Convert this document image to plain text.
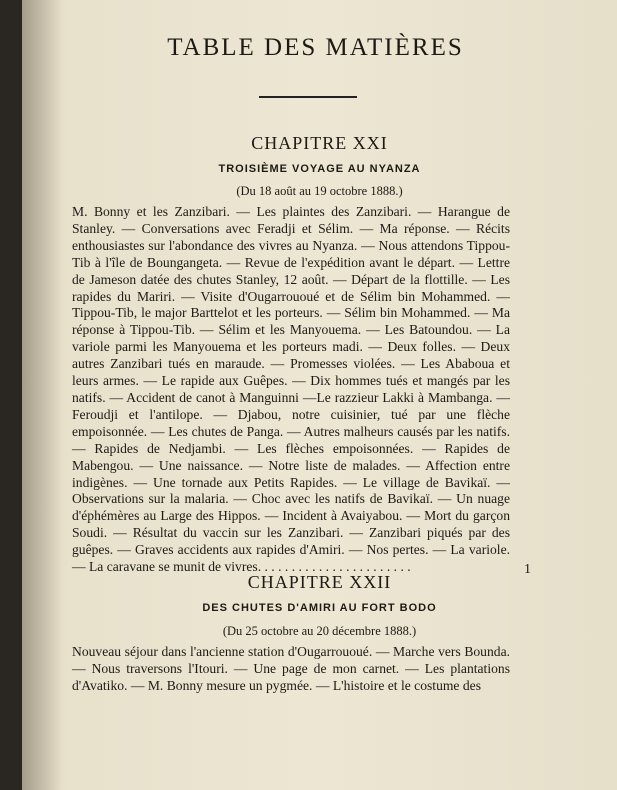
TABLE DES MATIÈRES
CHAPITRE XXI
TROISIÈME VOYAGE AU NYANZA
(Du 18 août au 19 octobre 1888.)
M. Bonny et les Zanzibari. — Les plaintes des Zanzibari. — Harangue de Stanley. — Conversations avec Feradji et Sélim. — Ma réponse. — Récits enthousiastes sur l'abondance des vivres au Nyanza. — Nous attendons Tippou-Tib à l'île de Boungangeta. — Revue de l'expédition avant le départ. — Lettre de Jameson datée des chutes Stanley, 12 août. — Départ de la flottille. — Les rapides du Mariri. — Visite d'Ougarrououé et de Sélim bin Mohammed. — Tippou-Tib, le major Barttelot et les porteurs. — Sélim bin Mohammed. — Ma réponse à Tippou-Tib. — Sélim et les Manyouema. — Les Batoundou. — La variole parmi les Manyouema et les porteurs madi. — Deux folles. — Deux autres Zanzibari tués en maraude. — Promesses violées. — Les Ababoua et leurs armes. — Le rapide aux Guêpes. — Dix hommes tués et mangés par les natifs. — Accident de canot à Manguinni —Le razzieur Lakki à Mambanga. — Feroudji et l'antilope. — Djabou, notre cuisinier, tué par une flèche empoisonnée. — Les chutes de Panga. — Autres malheurs causés par les natifs. — Rapides de Nedjambi. — Les flèches empoisonnées. — Rapides de Mabengou. — Une naissance. — Notre liste de malades. — Affection entre indigènes. — Une tornade aux Petits Rapides. — Le village de Bavikaï. — Observations sur la malaria. — Choc avec les natifs de Bavikaï. — Un nuage d'éphémères au Large des Hippos. — Incident à Avaiyabou. — Mort du garçon Soudi. — Résultat du vaccin sur les Zanzibari. — Zanzibari piqués par des guêpes. — Graves accidents aux rapides d'Amiri. — Nos pertes. — La variole. — La caravane se munit de vivres. . . . . . . . . . . . . . . . . . . . . . .	1
CHAPITRE XXII
DES CHUTES D'AMIRI AU FORT BODO
(Du 25 octobre au 20 décembre 1888.)
Nouveau séjour dans l'ancienne station d'Ougarrououé. — Marche vers Bounda. — Nous traversons l'Itouri. — Une page de mon carnet. — Les plantations d'Avatiko. — M. Bonny mesure un pygmée. — L'histoire et le costume des
